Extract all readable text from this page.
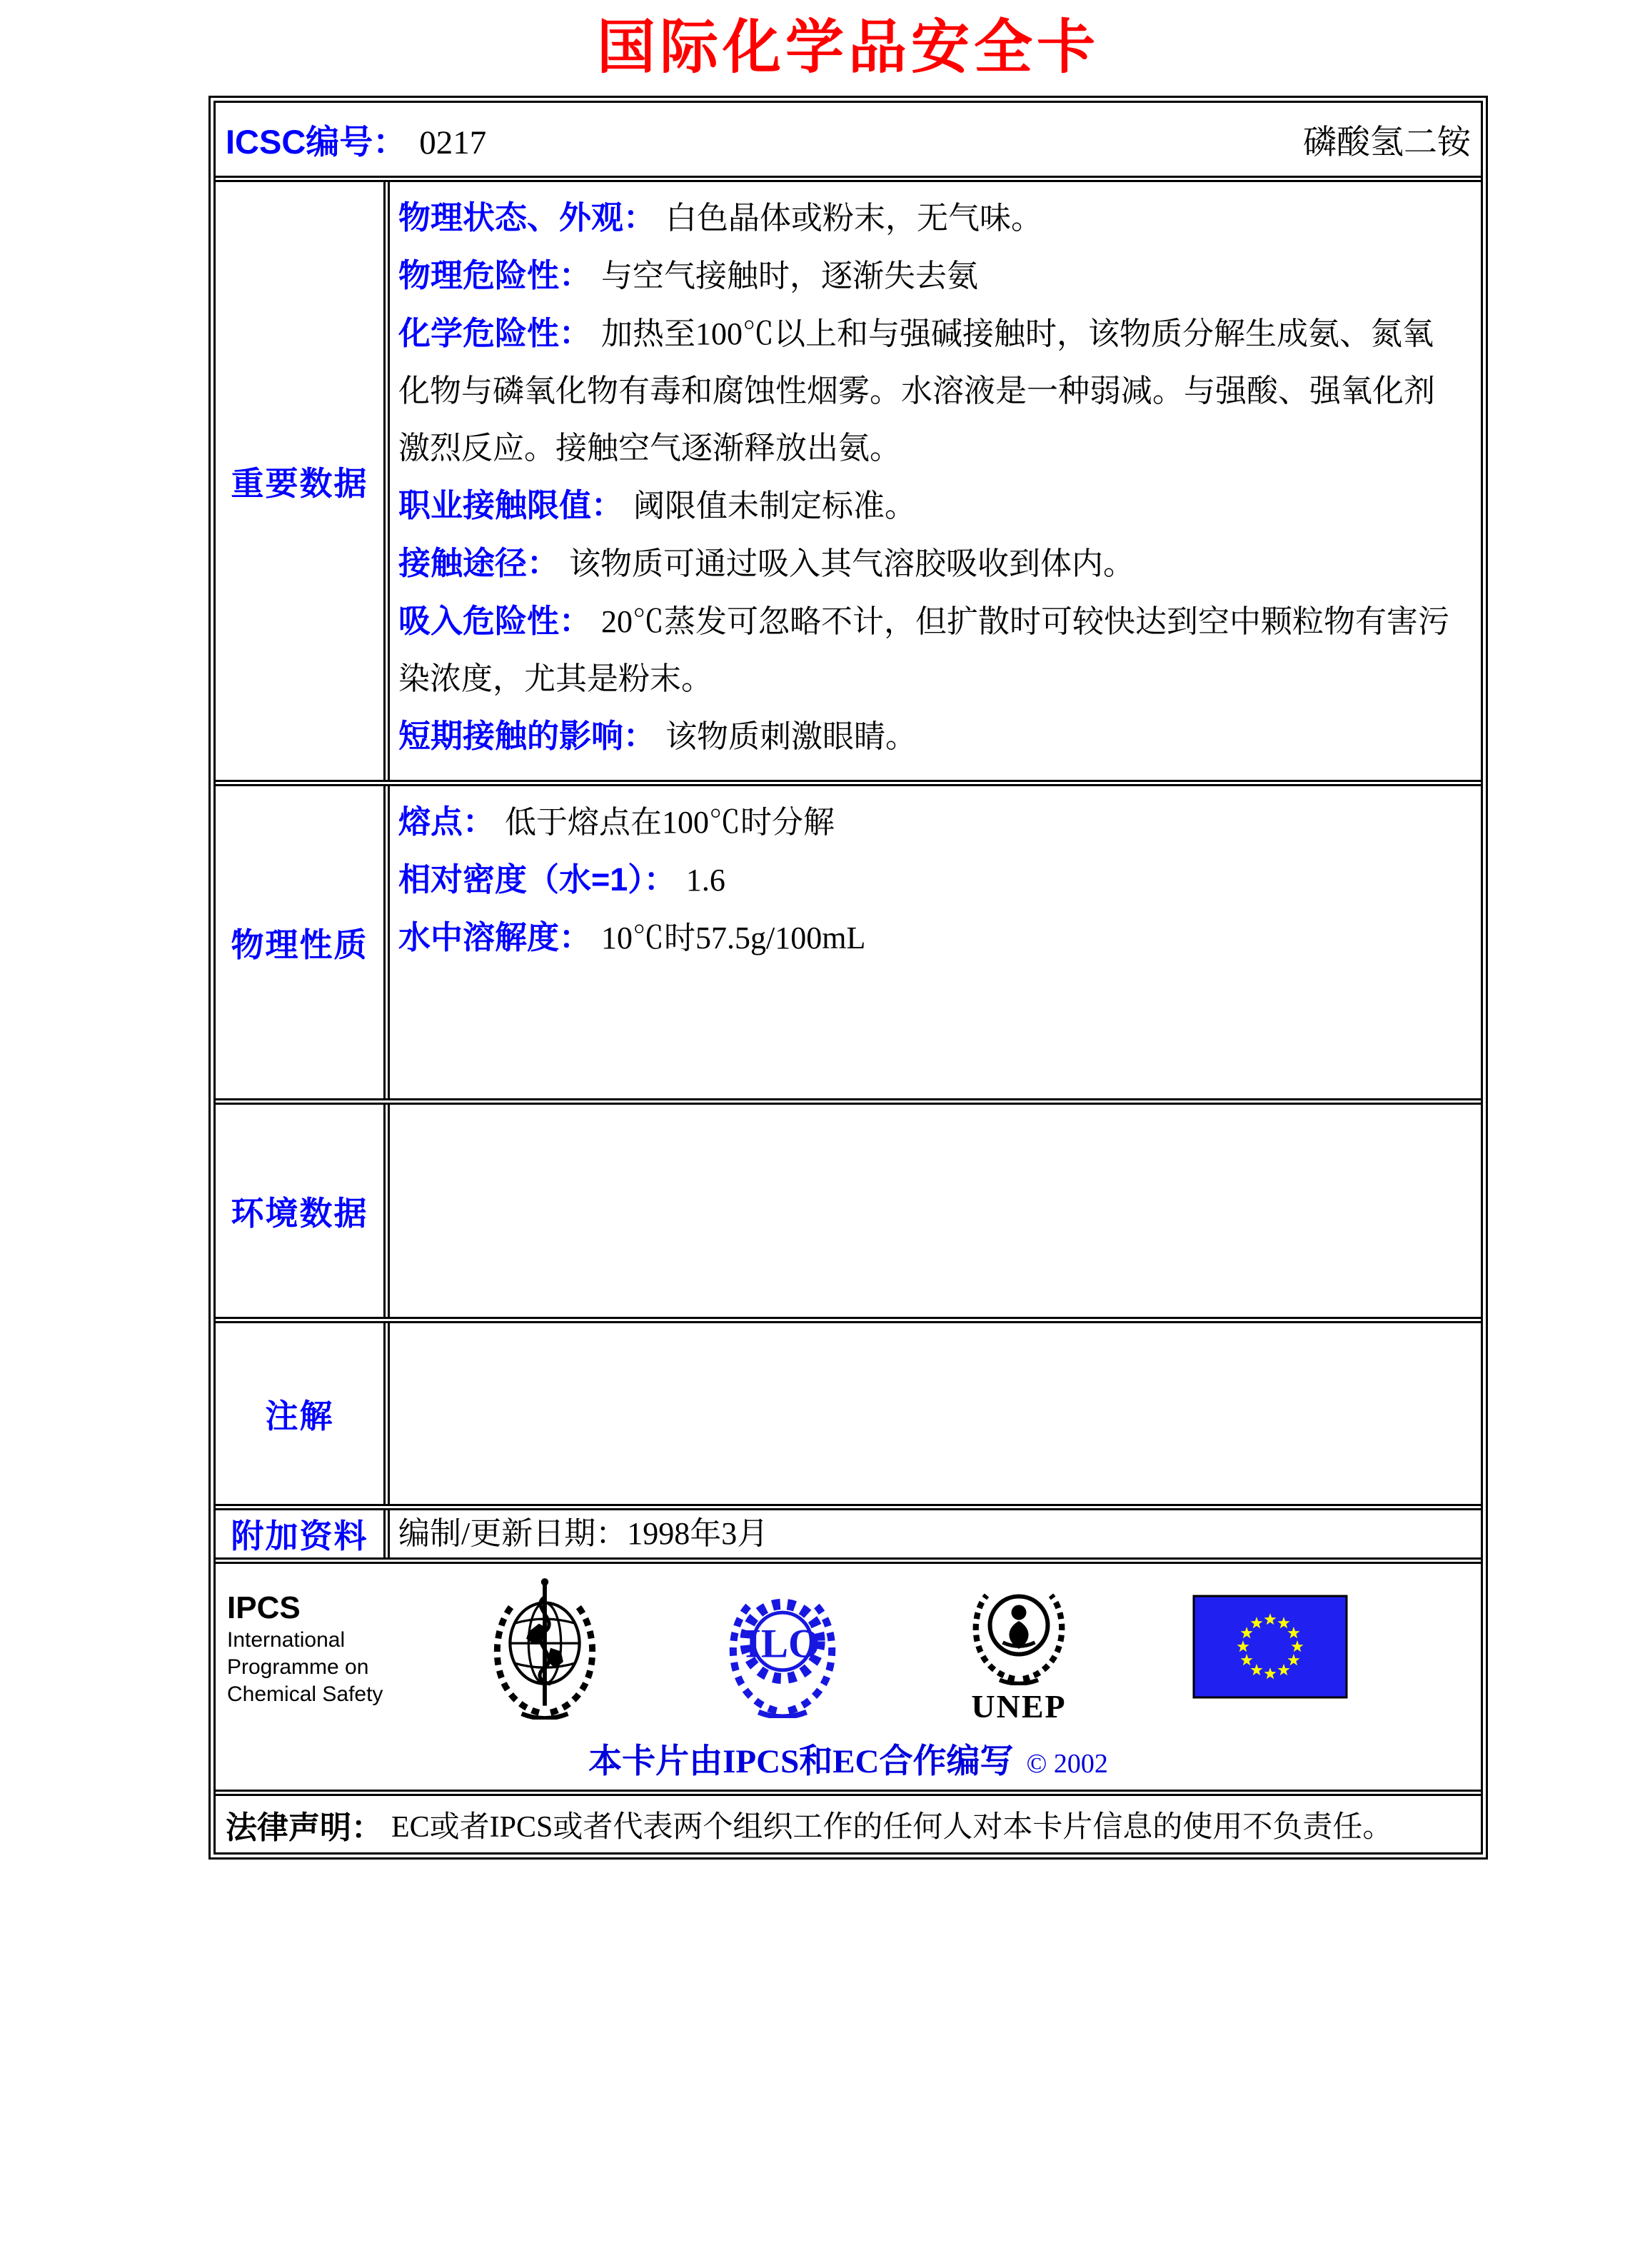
国际化学品安全卡
ICSC编号： 0217	磷酸氢二铵
重要数据

物理状态、外观： 白色晶体或粉末，无气味。

物理危险性： 与空气接触时，逐渐失去氨

化学危险性： 加热至100℃以上和与强碱接触时，该物质分解生成氨、氮氧化物与磷氧化物有毒和腐蚀性烟雾。水溶液是一种弱减。与强酸、强氧化剂激烈反应。接触空气逐渐释放出氨。

职业接触限值： 阈限值未制定标准。

接触途径： 该物质可通过吸入其气溶胶吸收到体内。

吸入危险性： 20℃蒸发可忽略不计，但扩散时可较快达到空中颗粒物有害污染浓度，尤其是粉末。

短期接触的影响： 该物质刺激眼睛。

物理性质

熔点： 低于熔点在100℃时分解

相对密度（水=1）： 1.6

水中溶解度： 10℃时57.5g/100mL

环境数据
注解
附加资料 编制/更新日期：1998年3月

IPCS
International
Programme on
Chemical Safety
ILO
UNEP
本卡片由IPCS和EC合作编写 © 2002
法律声明： EC或者IPCS或者代表两个组织工作的任何人对本卡片信息的使用不负责任。
